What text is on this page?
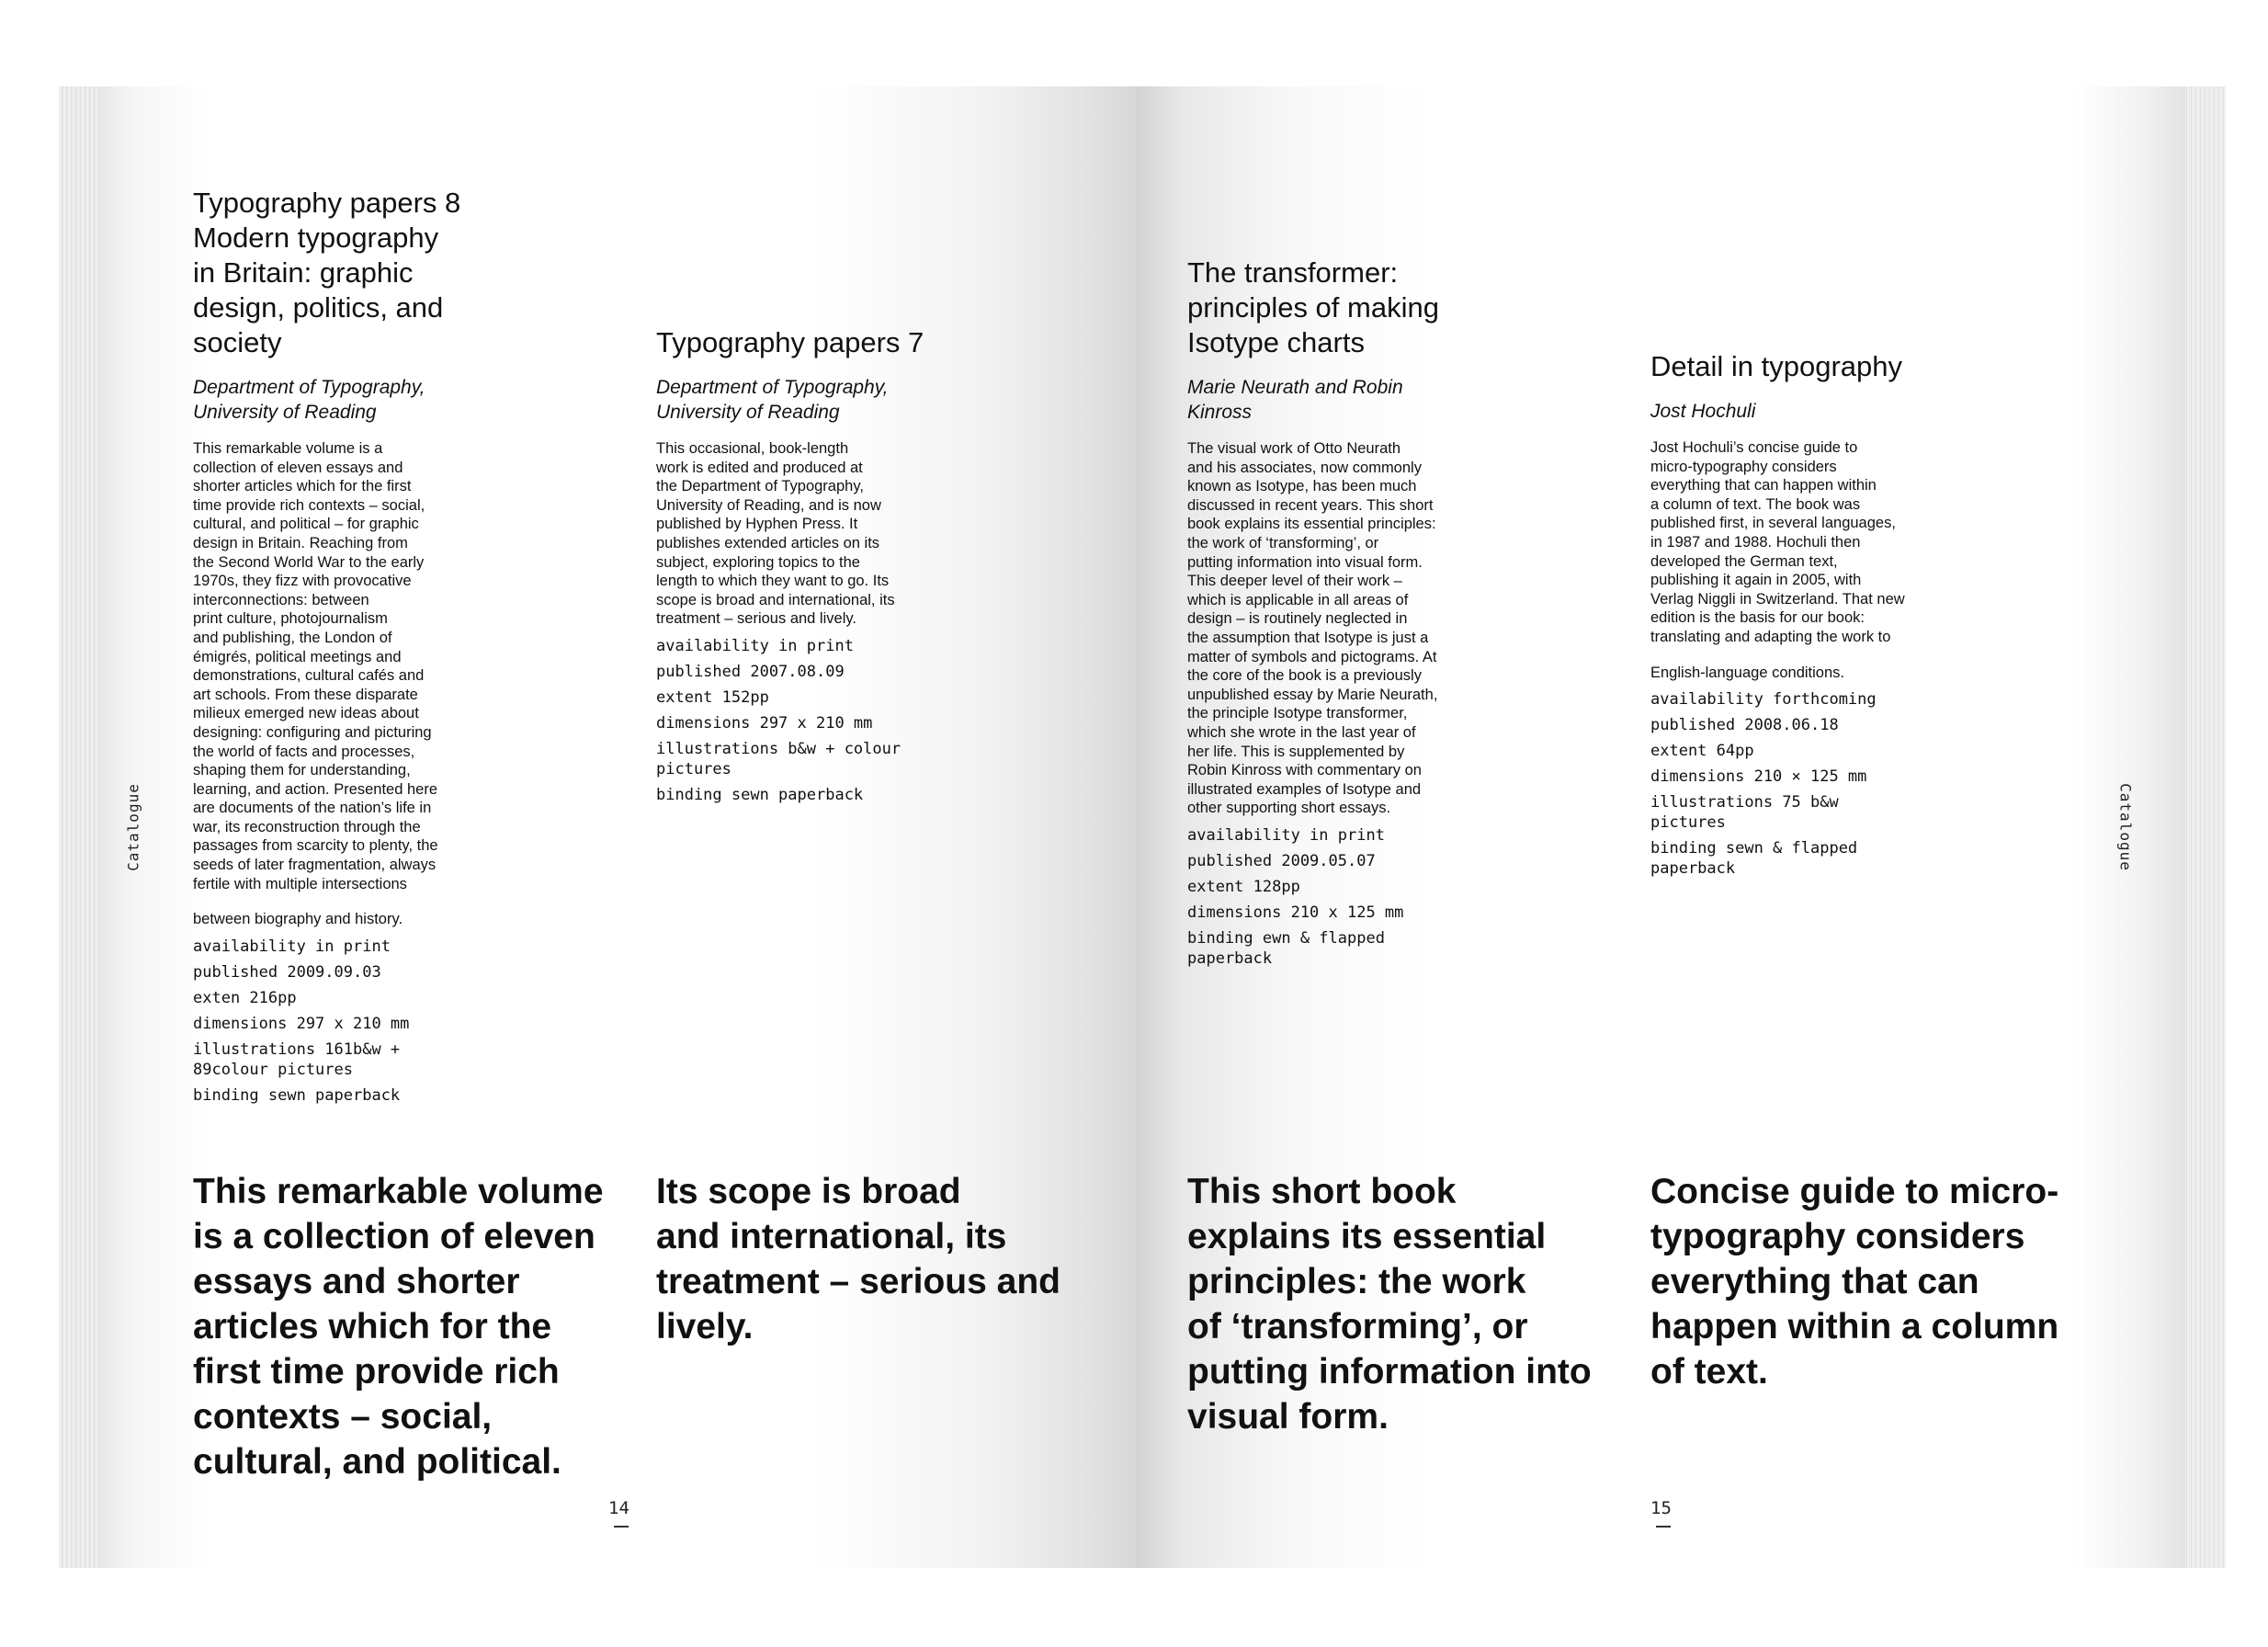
Catalogue	Catalogue
Typography papers 8
Modern typography
in Britain: graphic
design, politics, and
society
Department of Typography,
University of Reading
This remarkable volume is a
collection of eleven essays and
shorter articles which for the first
time provide rich contexts – social,
cultural, and political – for graphic
design in Britain. Reaching from
the Second World War to the early
1970s, they fizz with provocative
interconnections: between
print culture, photojournalism
and publishing, the London of
émigrés, political meetings and
demonstrations, cultural cafés and
art schools. From these disparate
milieux emerged new ideas about
designing: configuring and picturing
the world of facts and processes,
shaping them for understanding,
learning, and action. Presented here
are documents of the nation’s life in
war, its reconstruction through the
passages from scarcity to plenty, the
seeds of later fragmentation, always
fertile with multiple intersections
between biography and history.
availability in print
published 2009.09.03
exten 216pp
dimensions 297 x 210 mm
illustrations 161b&w +
89colour pictures
binding sewn paperback
Typography papers 7
Department of Typography,
University of Reading
This occasional, book-length
work is edited and produced at
the Department of Typography,
University of Reading, and is now
published by Hyphen Press. It
publishes extended articles on its
subject, exploring topics to the
length to which they want to go. Its
scope is broad and international, its
treatment – serious and lively.
availability in print
published 2007.08.09
extent 152pp
dimensions 297 x 210 mm
illustrations b&w + colour
pictures
binding sewn paperback
The transformer:
principles of making
Isotype charts
Marie Neurath and Robin
Kinross
The visual work of Otto Neurath
and his associates, now commonly
known as Isotype, has been much
discussed in recent years. This short
book explains its essential principles:
the work of ‘transforming’, or
putting information into visual form.
This deeper level of their work –
which is applicable in all areas of
design – is routinely neglected in
the assumption that Isotype is just a
matter of symbols and pictograms. At
the core of the book is a previously
unpublished essay by Marie Neurath,
the principle Isotype transformer,
which she wrote in the last year of
her life. This is supplemented by
Robin Kinross with commentary on
illustrated examples of Isotype and
other supporting short essays.
availability in print
published 2009.05.07
extent 128pp
dimensions 210 x 125 mm
binding ewn & flapped
paperback
Detail in typography
Jost Hochuli
Jost Hochuli’s concise guide to
micro-typography considers
everything that can happen within
a column of text. The book was
published first, in several languages,
in 1987 and 1988. Hochuli then
developed the German text,
publishing it again in 2005, with
Verlag Niggli in Switzerland. That new
edition is the basis for our book:
translating and adapting the work to
English-language conditions.
availability forthcoming
published 2008.06.18
extent 64pp
dimensions 210 × 125 mm
illustrations 75 b&w
pictures
binding sewn & flapped
paperback
This remarkable volume
is a collection of eleven
essays and shorter
articles which for the
first time provide rich
contexts – social,
cultural, and political.
Its scope is broad
and international, its
treatment – serious and
lively.
This short book
explains its essential
principles: the work
of ‘transforming’, or
putting information into
visual form.
Concise guide to micro-
typography considers
everything that can
happen within a column
of text.
14	15
